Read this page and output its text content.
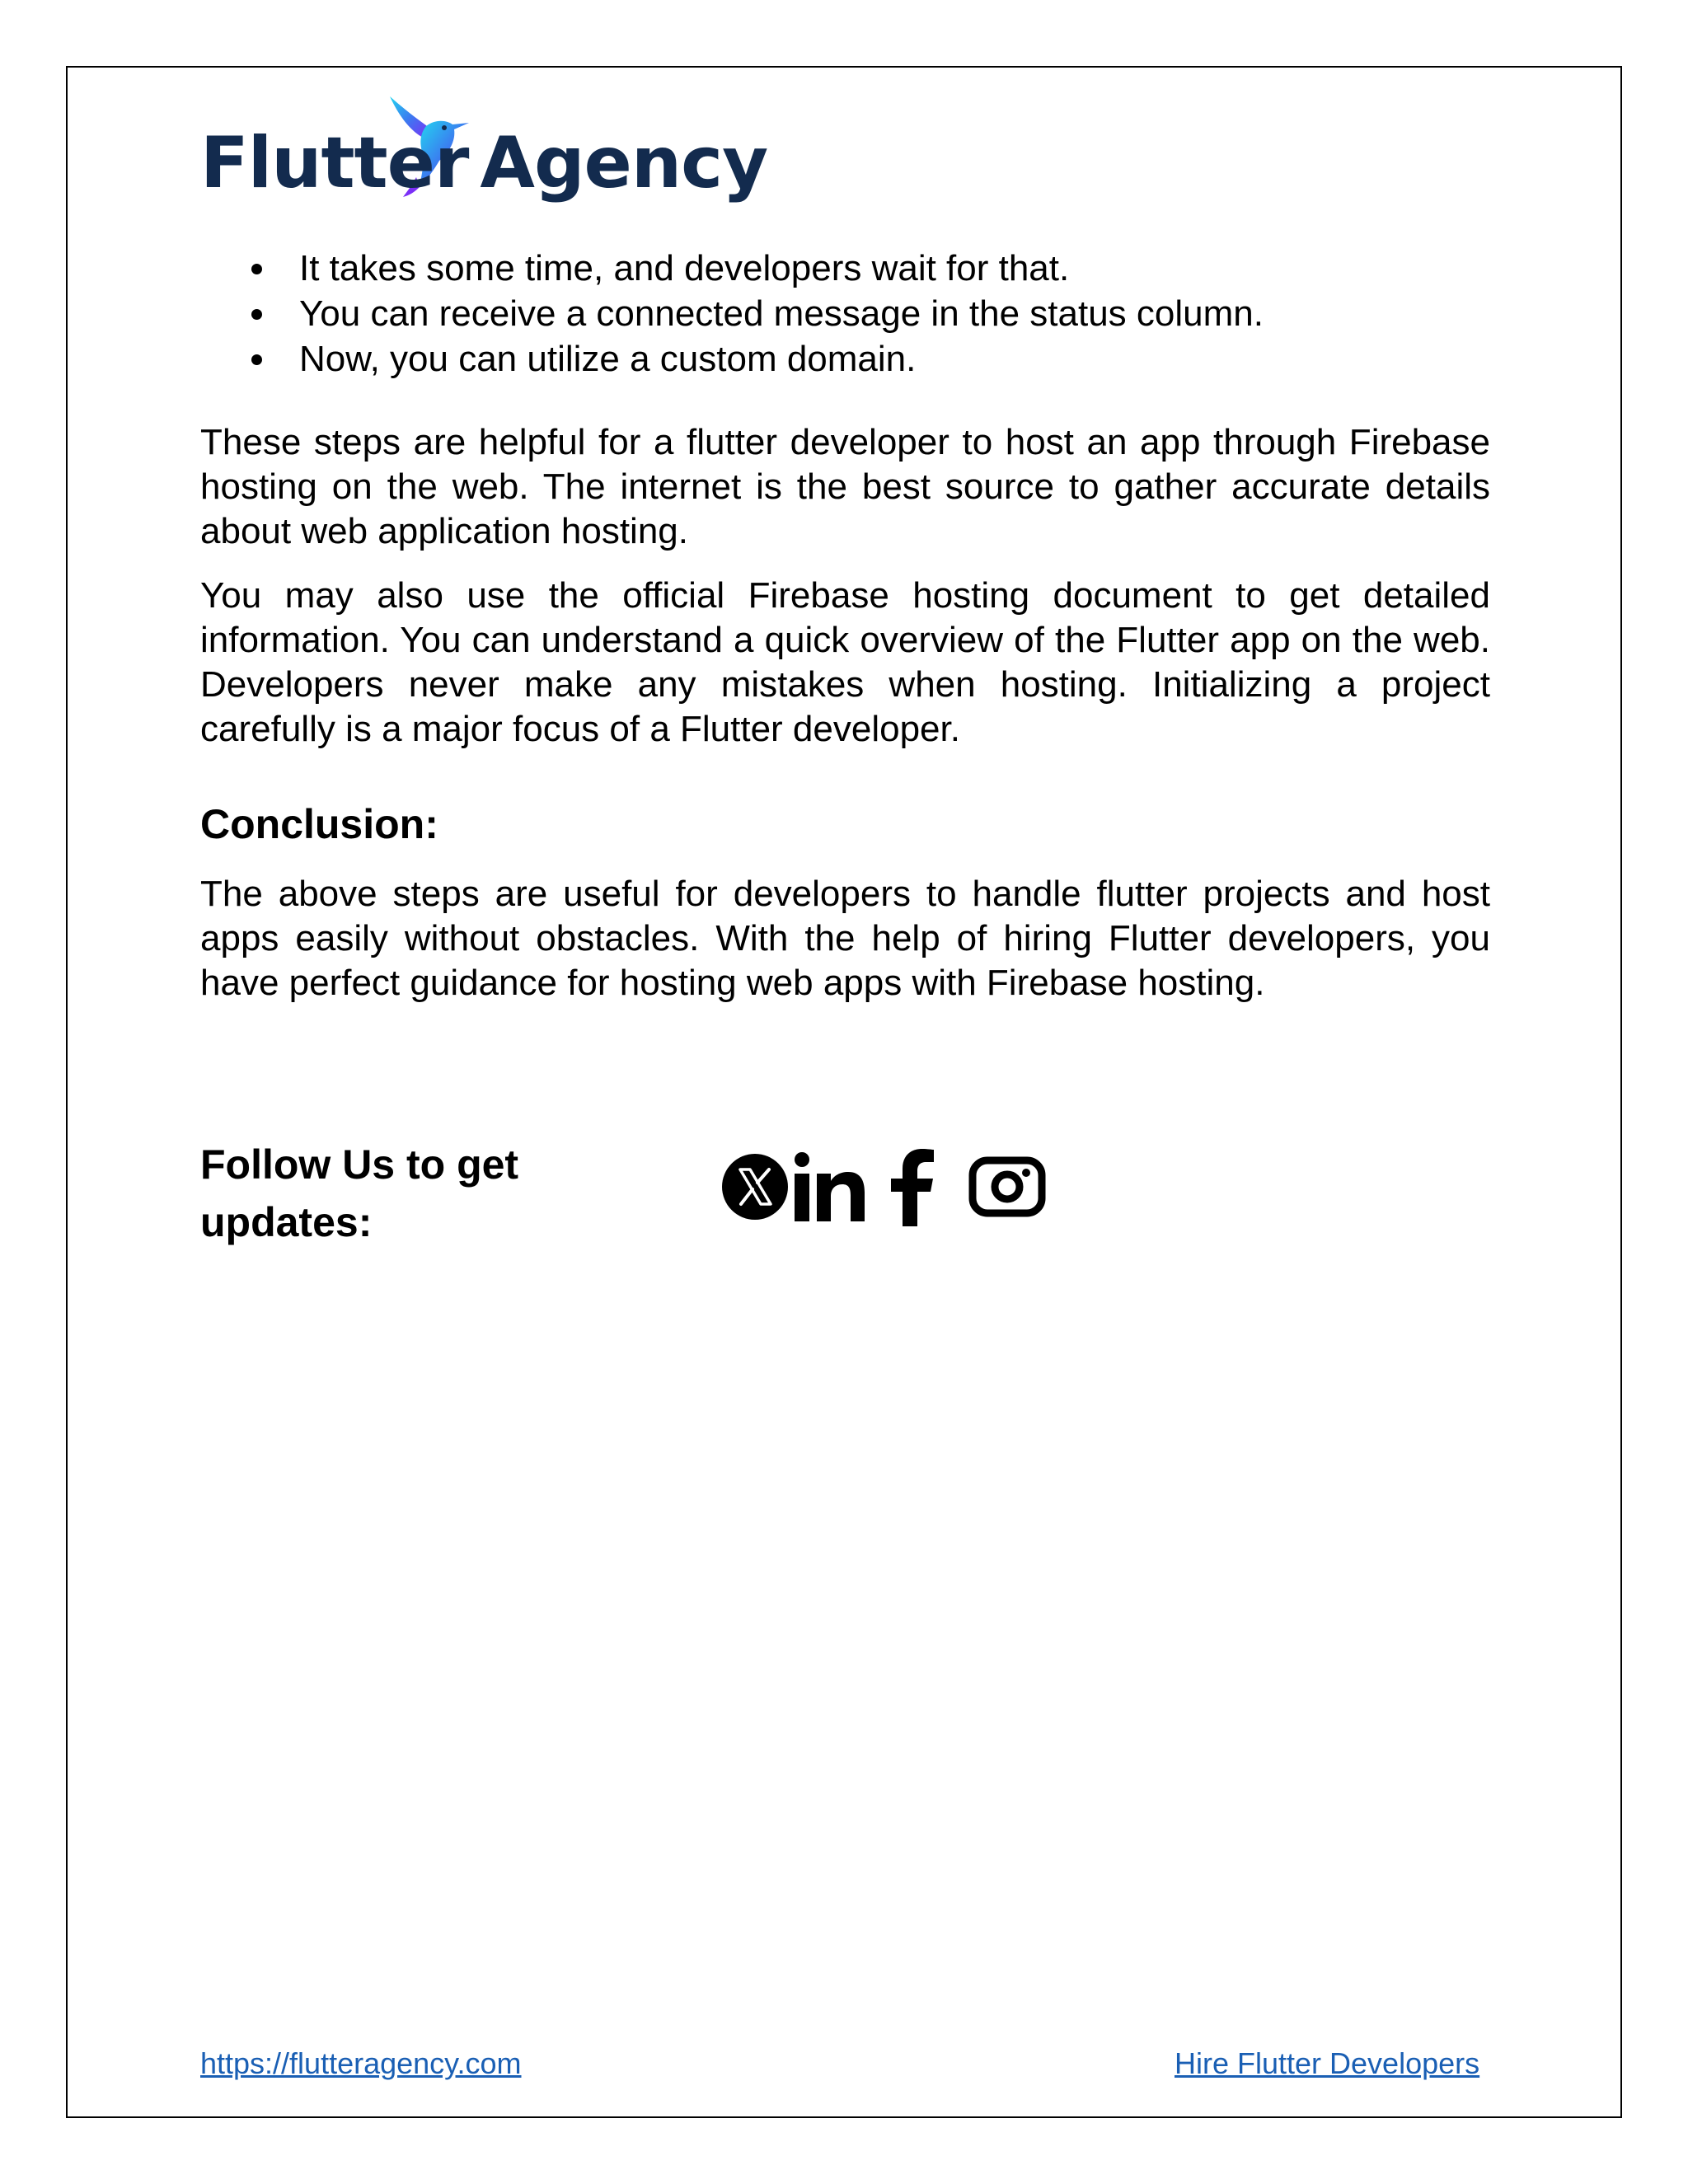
Flutter Agency
It takes some time, and developers wait for that.
You can receive a connected message in the status column.
Now, you can utilize a custom domain.

These steps are helpful for a flutter developer to host an app through Firebase hosting on the web. The internet is the best source to gather accurate details about web application hosting.

You may also use the official Firebase hosting document to get detailed information. You can understand a quick overview of the Flutter app on the web. Developers never make any mistakes when hosting. Initializing a project carefully is a major focus of a Flutter developer.

Conclusion:

The above steps are useful for developers to handle flutter projects and host apps easily without obstacles. With the help of hiring Flutter developers, you have perfect guidance for hosting web apps with Firebase hosting.

Follow Us to get updates:

https://flutteragency.com	Hire Flutter Developers
